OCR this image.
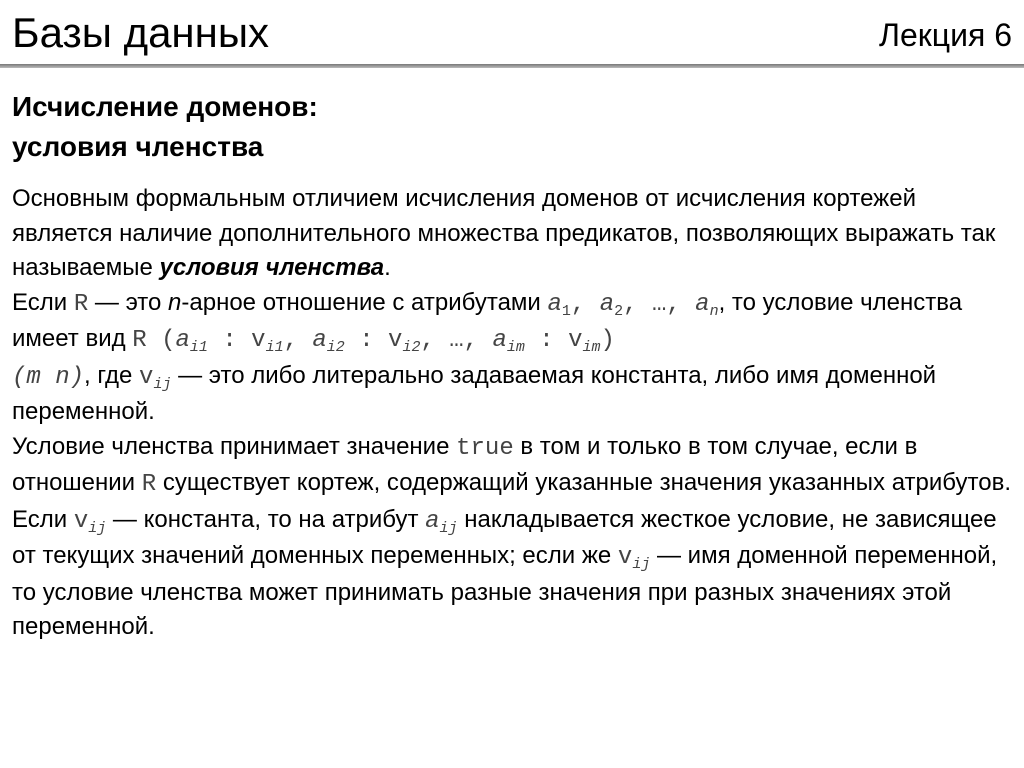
Базы данных	Лекция 6
Исчисление доменов:
условия членства

Основным формальным отличием исчисления доменов от исчисления кортежей является наличие дополнительного множества предикатов, позволяющих выражать так называемые условия членства.

Если R — это n-арное отношение с атрибутами $a_1$, $a_2$, …, $a_n$, то условие членства имеет вид R ($a_{i1}$ : $v_{i1}$, $a_{i2}$ : $v_{i2}$, …, $a_{im}$ : $v_{im}$)
(m n), где $v_{ij}$ — это либо литерально задаваемая константа, либо имя доменной переменной.

Условие членства принимает значение true в том и только в том случае, если в отношении R существует кортеж, содержащий указанные значения указанных атрибутов.

Если $v_{ij}$ — константа, то на атрибут $a_{ij}$ накладывается жесткое условие, не зависящее от текущих значений доменных переменных; если же $v_{ij}$ — имя доменной переменной, то условие членства может принимать разные значения при разных значениях этой переменной.
